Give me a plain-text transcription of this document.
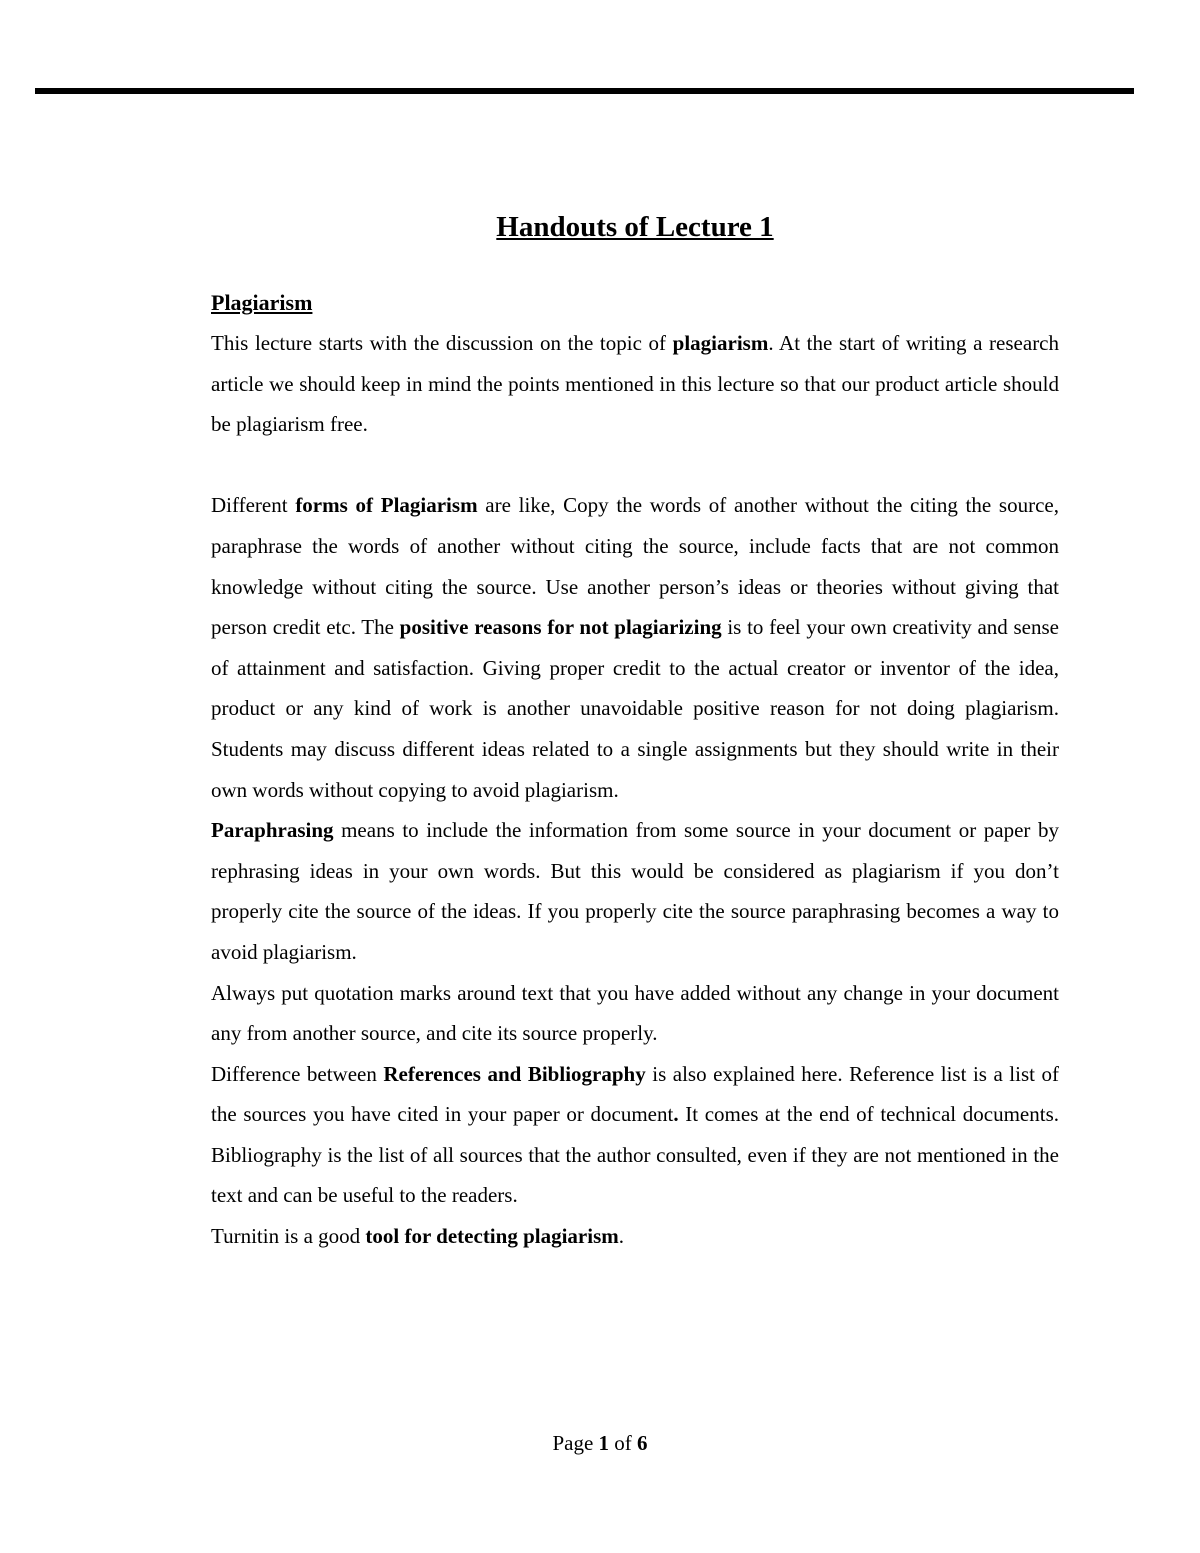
Handouts of Lecture 1
Plagiarism

This lecture starts with the discussion on the topic of plagiarism. At the start of writing a research article we should keep in mind the points mentioned in this lecture so that our product article should be plagiarism free.

Different forms of Plagiarism are like, Copy the words of another without the citing the source, paraphrase the words of another without citing the source, include facts that are not common knowledge without citing the source. Use another person’s ideas or theories without giving that person credit etc. The positive reasons for not plagiarizing is to feel your own creativity and sense of attainment and satisfaction. Giving proper credit to the actual creator or inventor of the idea, product or any kind of work is another unavoidable positive reason for not doing plagiarism. Students may discuss different ideas related to a single assignments but they should write in their own words without copying to avoid plagiarism.

Paraphrasing means to include the information from some source in your document or paper by rephrasing ideas in your own words. But this would be considered as plagiarism if you don’t properly cite the source of the ideas. If you properly cite the source paraphrasing becomes a way to avoid plagiarism.

Always put quotation marks around text that you have added without any change in your document any from another source, and cite its source properly.

Difference between References and Bibliography is also explained here. Reference list is a list of the sources you have cited in your paper or document. It comes at the end of technical documents. Bibliography is the list of all sources that the author consulted, even if they are not mentioned in the text and can be useful to the readers.

Turnitin is a good tool for detecting plagiarism.

Page 1 of 6
